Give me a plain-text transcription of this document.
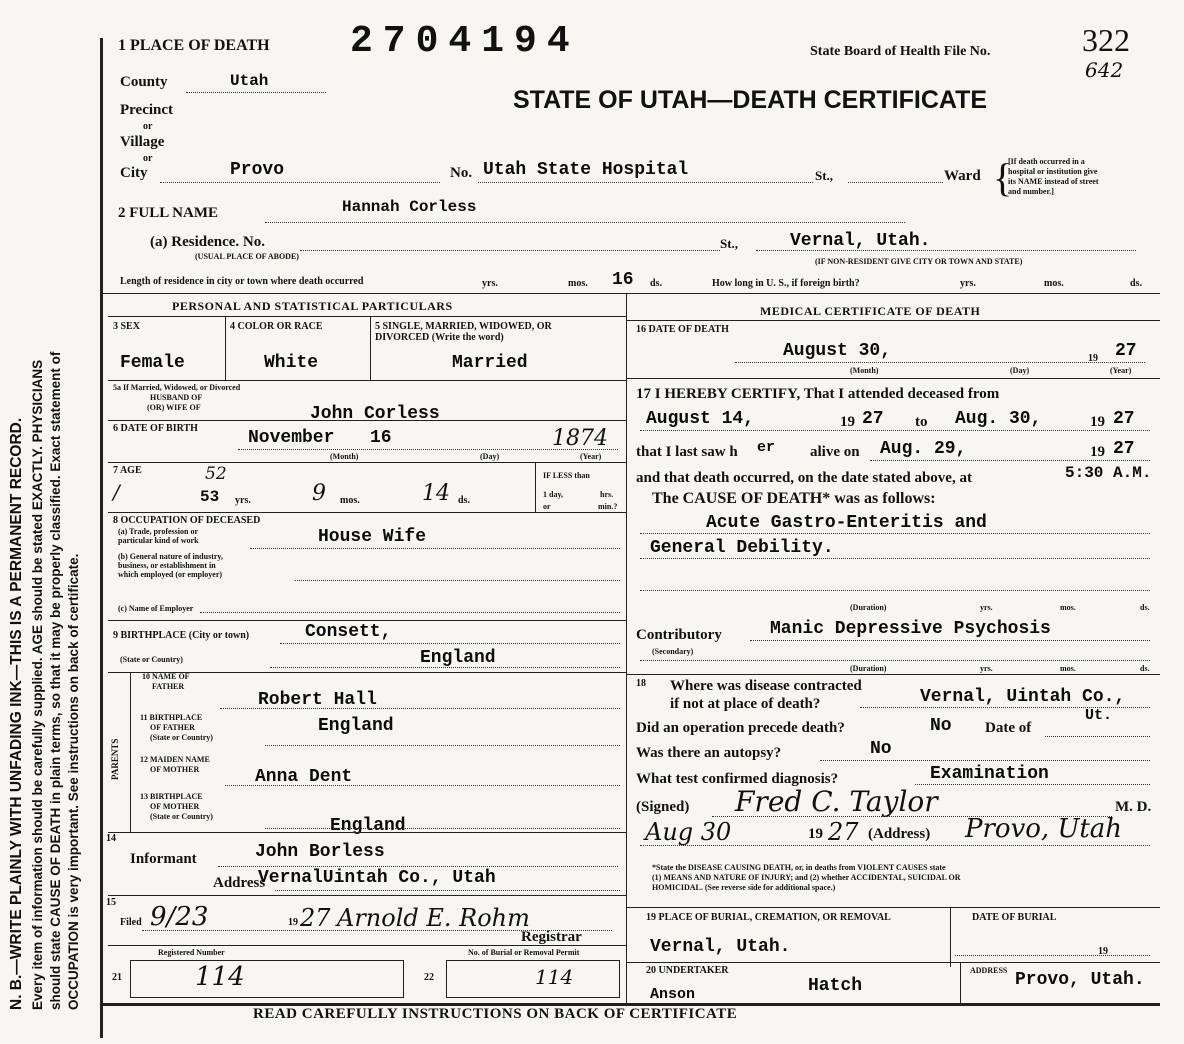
N. B.—WRITE PLAINLY WITH UNFADING INK—THIS IS A PERMANENT RECORD. Every item of information should be carefully supplied. AGE should be stated EXACTLY. PHYSICIANS should state CAUSE OF DEATH in plain terms, so that it may be properly classified. Exact statement of OCCUPATION is very important. See instructions on back of certificate.
1 PLACE OF DEATH 2704194	State Board of Health File No.	322
642
STATE OF UTAH—DEATH CERTIFICATE
County	Utah
Precinct
or
Village
or
City	Provo	No. Utah State Hospital	St.,	Ward {
[If death occurred in a
hospital or institution give
its NAME instead of street
and number.]
2 FULL NAME	Hannah Corless
(a) Residence. No.
(USUAL PLACE OF ABODE)
St.,	Vernal, Utah.
(IF NON-RESIDENT GIVE CITY OR TOWN AND STATE)
Length of residence in city or town where death occurred	yrs.	mos. 16 ds.	How long in U. S., if foreign birth?	yrs.	mos.	ds.
PERSONAL AND STATISTICAL PARTICULARS
3 SEX	4 COLOR OR RACE	5 SINGLE, MARRIED, WIDOWED, OR
DIVORCED (Write the word)
Female	White	Married
5a If Married, Widowed, or Divorced
HUSBAND OF
(OR) WIFE OF	John Corless
6 DATE OF BIRTH	November 16	1874
(Month)	(Day)	(Year)
7 AGE
/
52
53 yrs.	9 mos.	14 ds.
IF LESS than
1 day,	hrs.
or	min.?
8 OCCUPATION OF DECEASED
(a) Trade, profession or
particular kind of work	House Wife
(b) General nature of industry,
business, or establishment in
which employed (or employer)
(c) Name of Employer
9 BIRTHPLACE (City or town)	Consett,
(State or Country)	England
PARENTS
10 NAME OF
FATHER
Robert Hall
11 BIRTHPLACE
OF FATHER
(State or Country)
England
12 MAIDEN NAME
OF MOTHER	Anna Dent
13 BIRTHPLACE
OF MOTHER
(State or Country)	England
14
Informant	John Borless
Address
VernalUintah Co., Utah
15
Filed 9/23	19 27 Arnold E. Rohm
Registrar
Registered Number
21	114
No. of Burial or Removal Permit
22	114
MEDICAL CERTIFICATE OF DEATH
16 DATE OF DEATH
August 30,	19 27
(Month)	(Day)	(Year)
17 I HEREBY CERTIFY, That I attended deceased from
August 14,	19 27 to Aug. 30,	19 27
that I last saw h er alive on Aug. 29,	19 27
and that death occurred, on the date stated above, at	5:30 A.M.
The CAUSE OF DEATH* was as follows:
Acute Gastro-Enteritis and
General Debility.
(Duration)	yrs.	mos.	ds.
Contributory
(Secondary)
Manic Depressive Psychosis
(Duration)	yrs.	mos.	ds.
18 Where was disease contracted
if not at place of death?	Vernal, Uintah Co.,
Ut.
Did an operation precede death?	No Date of
Was there an autopsy?	No
What test confirmed diagnosis?	Examination
(Signed) Fred C. Taylor	M. D.
Aug 30	19 27 (Address) Provo, Utah
*State the DISEASE CAUSING DEATH, or, in deaths from VIOLENT CAUSES state
(1) MEANS AND NATURE OF INJURY; and (2) whether ACCIDENTAL, SUICIDAL OR
HOMICIDAL. (See reverse side for additional space.)
19 PLACE OF BURIAL, CREMATION, OR REMOVAL	DATE OF BURIAL
Vernal, Utah.	19
20 UNDERTAKER
Anson	Hatch
ADDRESS Provo, Utah.
READ CAREFULLY INSTRUCTIONS ON BACK OF CERTIFICATE
